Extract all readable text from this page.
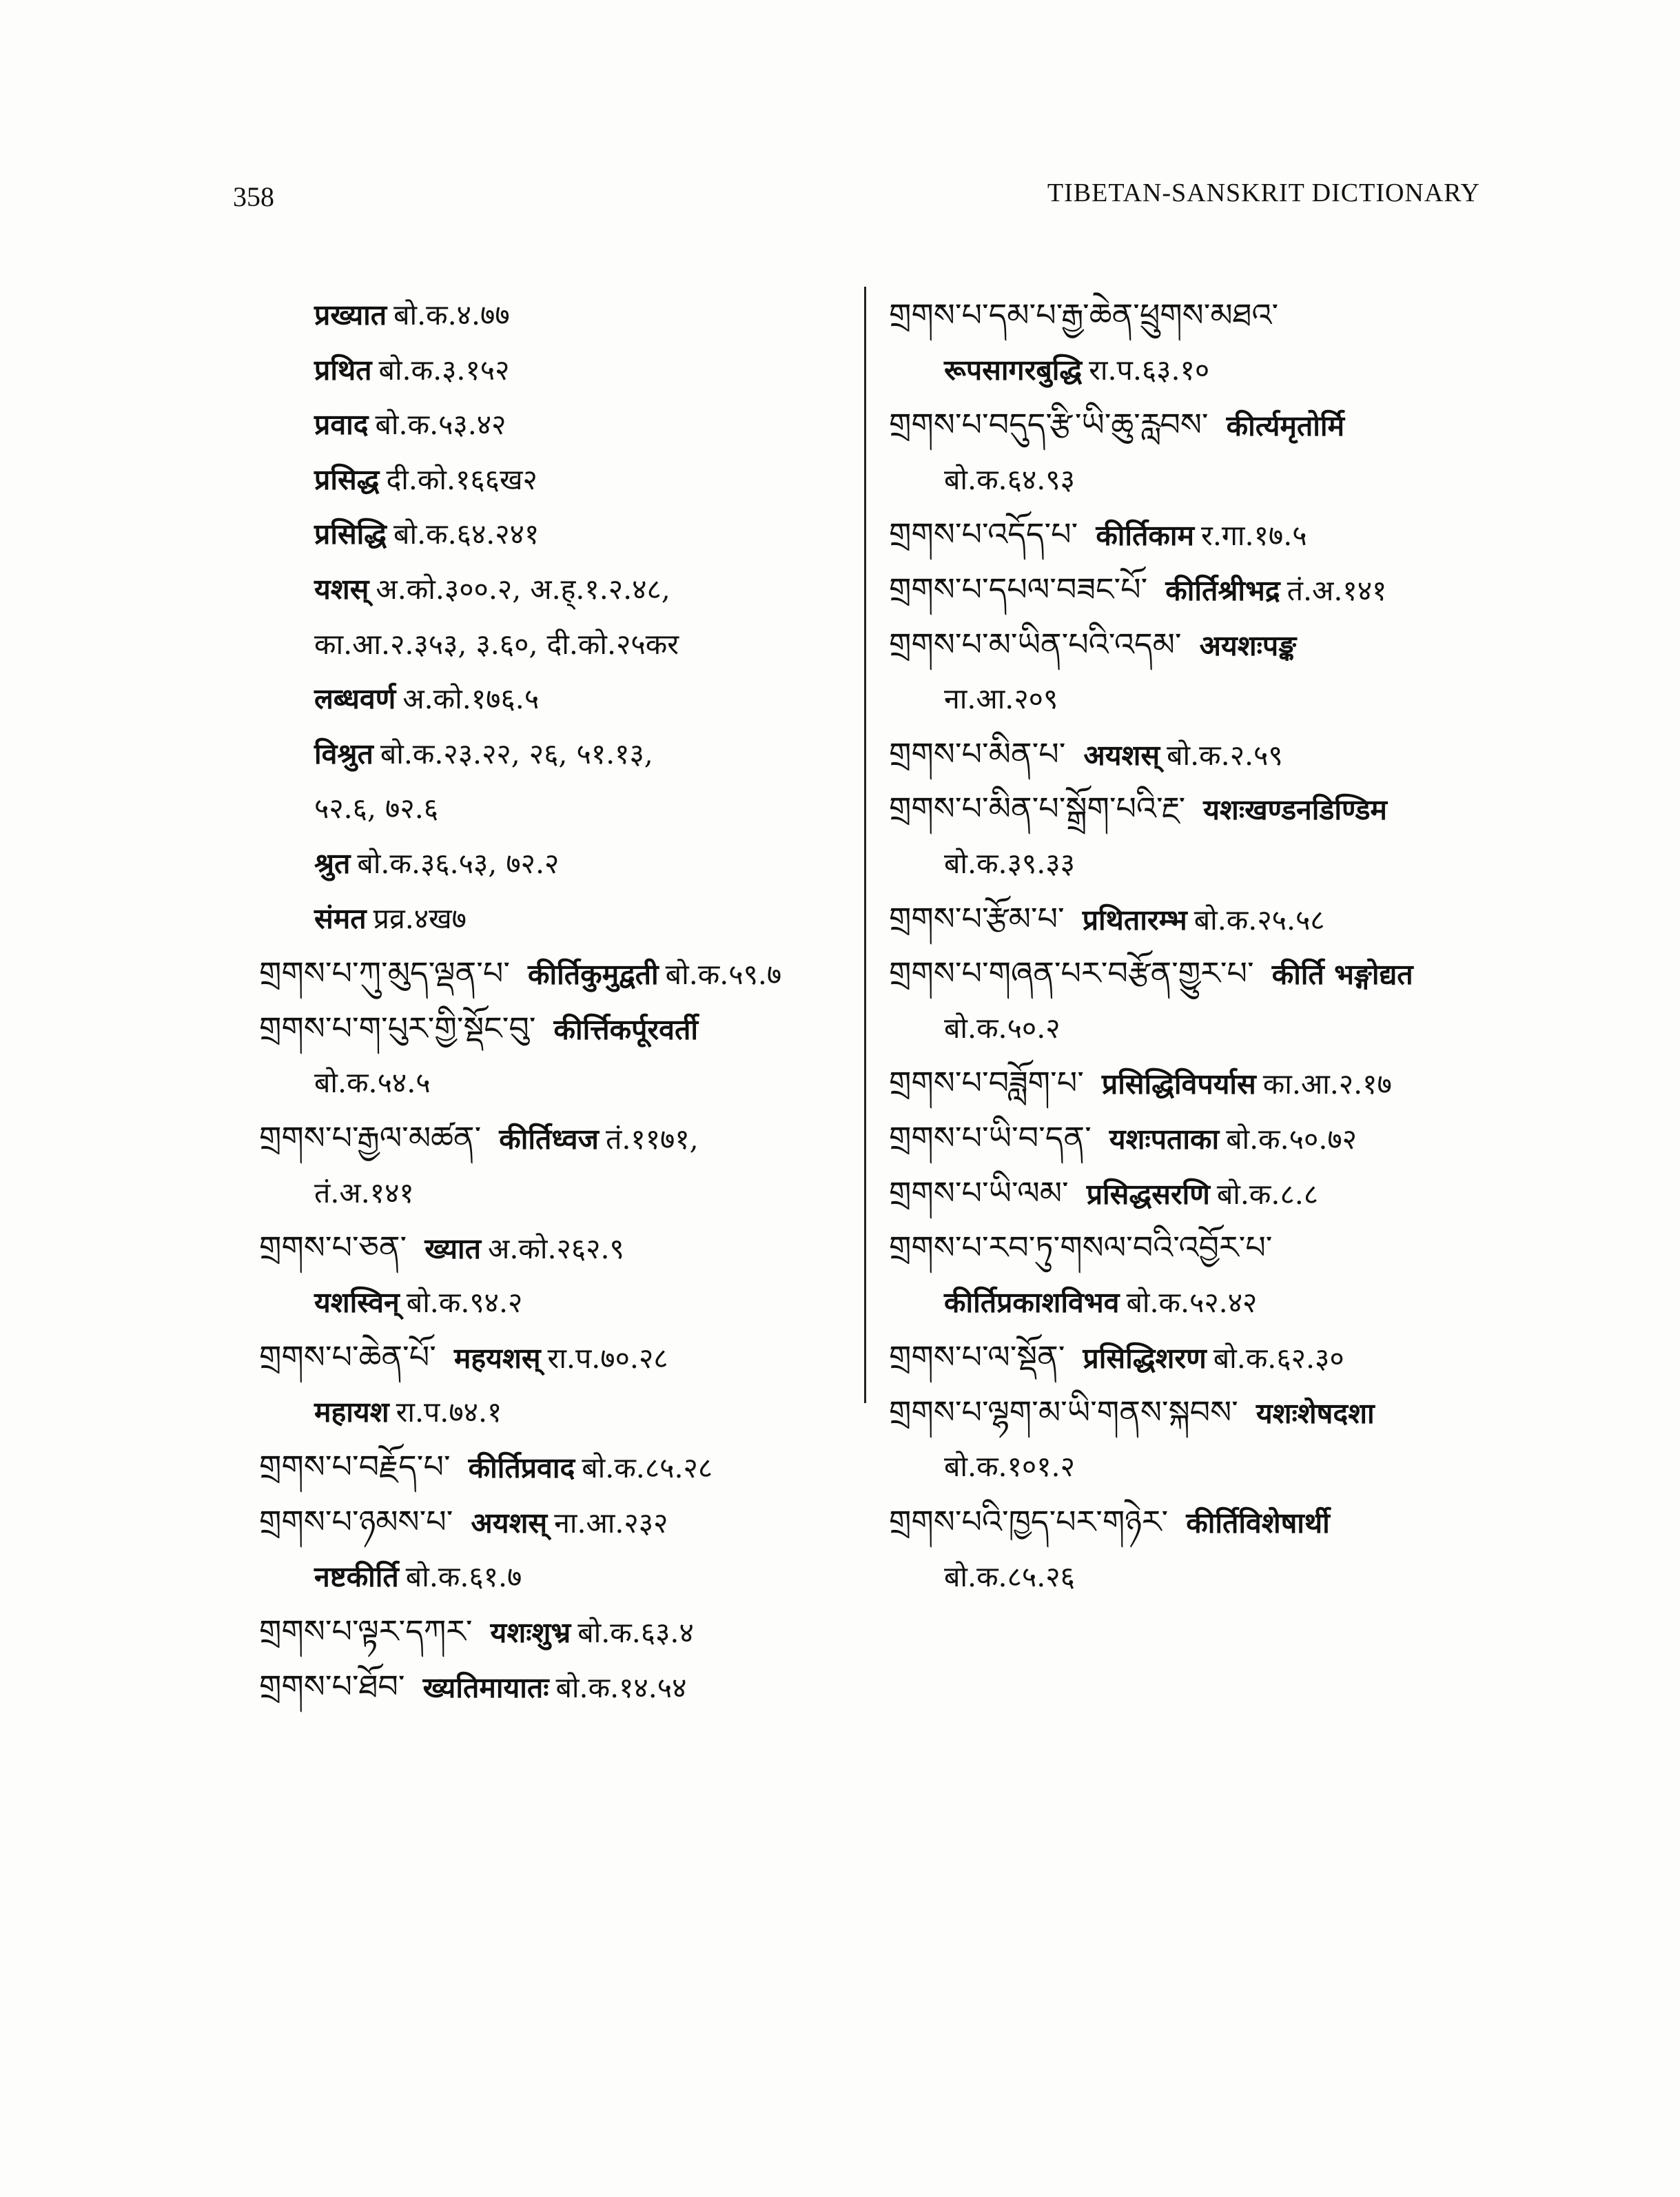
358	TIBETAN-SANSKRIT DICTIONARY
प्रख्यात बो.क.४.७७
प्रथित बो.क.३.१५२
प्रवाद बो.क.५३.४२
प्रसिद्ध दी.को.१६६ख२
प्रसिद्धि बो.क.६४.२४१
यशस् अ.को.३००.२, अ.ह्.१.२.४८,
का.आ.२.३५३, ३.६०, दी.को.२५कर
लब्धवर्ण अ.को.१७६.५
विश्रुत बो.क.२३.२२, २६, ५१.१३,
५२.६, ७२.६
श्रुत बो.क.३६.५३, ७२.२
संमत प्रव्र.४ख७
གྲགས་པ་ཀུ་མུད་ལྡན་པ་ कीर्तिकुमुद्वती बो.क.५९.७
གྲགས་པ་ག་པུར་གྱི་སྡོང་བུ་ कीर्त्तिकर्पूरवर्ती
बो.क.५४.५
གྲགས་པ་རྒྱལ་མཚན་ कीर्तिध्वज तं.११७१,
तं.अ.१४१
གྲགས་པ་ཅན་ ख्यात अ.को.२६२.९
यशस्विन् बो.क.९४.२
གྲགས་པ་ཆེན་པོ་ महयशस् रा.प.७०.२८
महायश रा.प.७४.१
གྲགས་པ་བརྗོད་པ་ कीर्तिप्रवाद बो.क.८५.२८
གྲགས་པ་ཉམས་པ་ अयशस् ना.आ.२३२
नष्टकीर्ति बो.क.६१.७
གྲགས་པ་ལྟར་དཀར་ यशःशुभ्र बो.क.६३.४
གྲགས་པ་ཐོབ་ ख्यतिमायातः बो.क.१४.५४
གྲགས་པ་དམ་པ་རྒྱ་ཆེན་ཕྲུགས་མཐའ་
रूपसागरबुद्धि रा.प.६३.१०
གྲགས་པ་བདུད་རྩི་ཡི་ཆུ་རླབས་ कीर्त्यमृतोर्मि
बो.क.६४.९३
གྲགས་པ་འདོད་པ་ कीर्तिकाम र.गा.१७.५
གྲགས་པ་དཔལ་བཟང་པོ་ कीर्तिश्रीभद्र तं.अ.१४१
གྲགས་པ་མ་ཡིན་པའི་འདམ་ अयशःपङ्क
ना.आ.२०९
གྲགས་པ་མིན་པ་ अयशस् बो.क.२.५९
གྲགས་པ་མིན་པ་སྒྲོག་པའི་རྔ་ यशःखण्डनडिण्डिम
बो.क.३९.३३
གྲགས་པ་རྩོམ་པ་ प्रथितारम्भ बो.क.२५.५८
གྲགས་པ་གཞན་པར་བརྩོན་གྱུར་པ་ कीर्ति भङ्गोद्यत
बो.क.५०.२
གྲགས་པ་བཟློག་པ་ प्रसिद्धिविपर्यास का.आ.२.१७
གྲགས་པ་ཡི་བ་དན་ यशःपताका बो.क.५०.७२
གྲགས་པ་ཡི་ལམ་ प्रसिद्धसरणि बो.क.८.८
གྲགས་པ་རབ་ཏུ་གསལ་བའི་འབྱོར་པ་
कीर्तिप्रकाशविभव बो.क.५२.४२
གྲགས་པ་ལ་སྡོན་ प्रसिद्धिशरण बो.क.६२.३०
གྲགས་པ་ལྷག་མ་ཡི་གནས་སྐབས་ यशःशेषदशा
बो.क.१०१.२
གྲགས་པའི་ཁྱད་པར་གཉེར་ कीर्तिविशेषार्थी
बो.क.८५.२६
